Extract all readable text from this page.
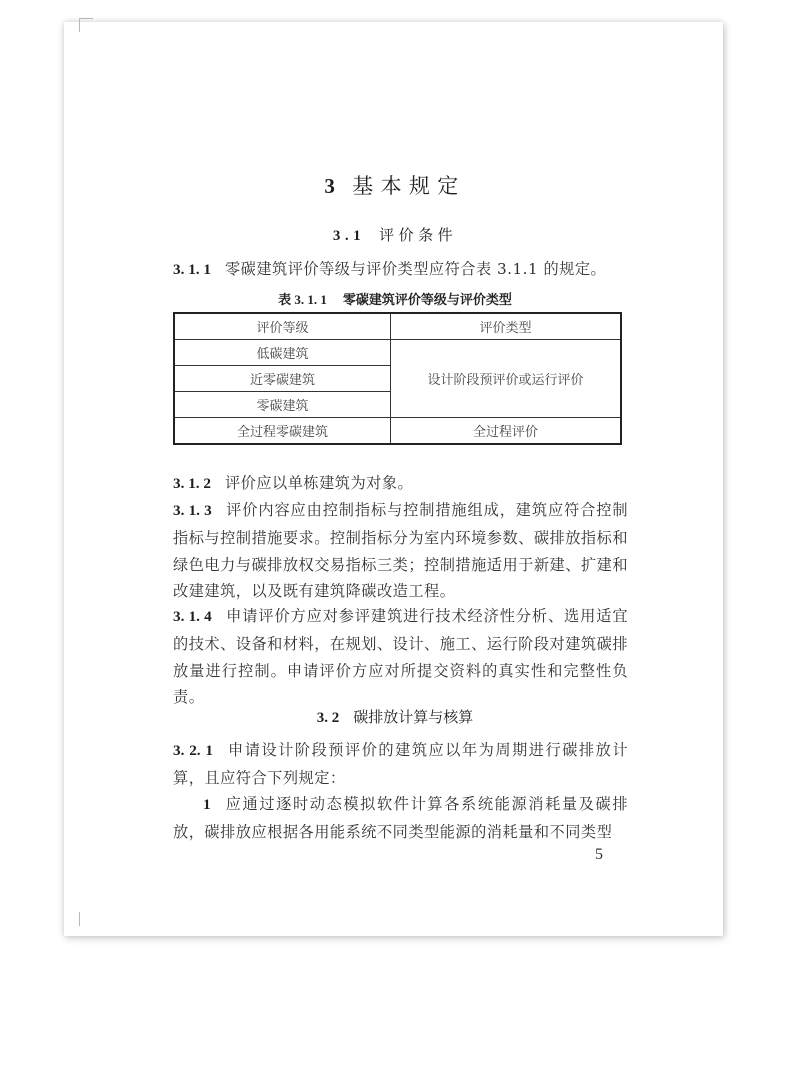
3 基本规定
3.1 评价条件
3. 1. 1 零碳建筑评价等级与评价类型应符合表 3.1.1 的规定。
表 3. 1. 1 零碳建筑评价等级与评价类型
评价等级	评价类型
低碳建筑	设计阶段预评价或运行评价
近零碳建筑	
零碳建筑	
全过程零碳建筑	全过程评价
3. 1. 2 评价应以单栋建筑为对象。
3. 1. 3 评价内容应由控制指标与控制措施组成，建筑应符合控制指标与控制措施要求。控制指标分为室内环境参数、碳排放指标和绿色电力与碳排放权交易指标三类；控制措施适用于新建、扩建和改建建筑，以及既有建筑降碳改造工程。
3. 1. 4 申请评价方应对参评建筑进行技术经济性分析、选用适宜的技术、设备和材料，在规划、设计、施工、运行阶段对建筑碳排放量进行控制。申请评价方应对所提交资料的真实性和完整性负责。
3. 2 碳排放计算与核算
3. 2. 1 申请设计阶段预评价的建筑应以年为周期进行碳排放计算，且应符合下列规定：
1 应通过逐时动态模拟软件计算各系统能源消耗量及碳排放，碳排放应根据各用能系统不同类型能源的消耗量和不同类型
5
